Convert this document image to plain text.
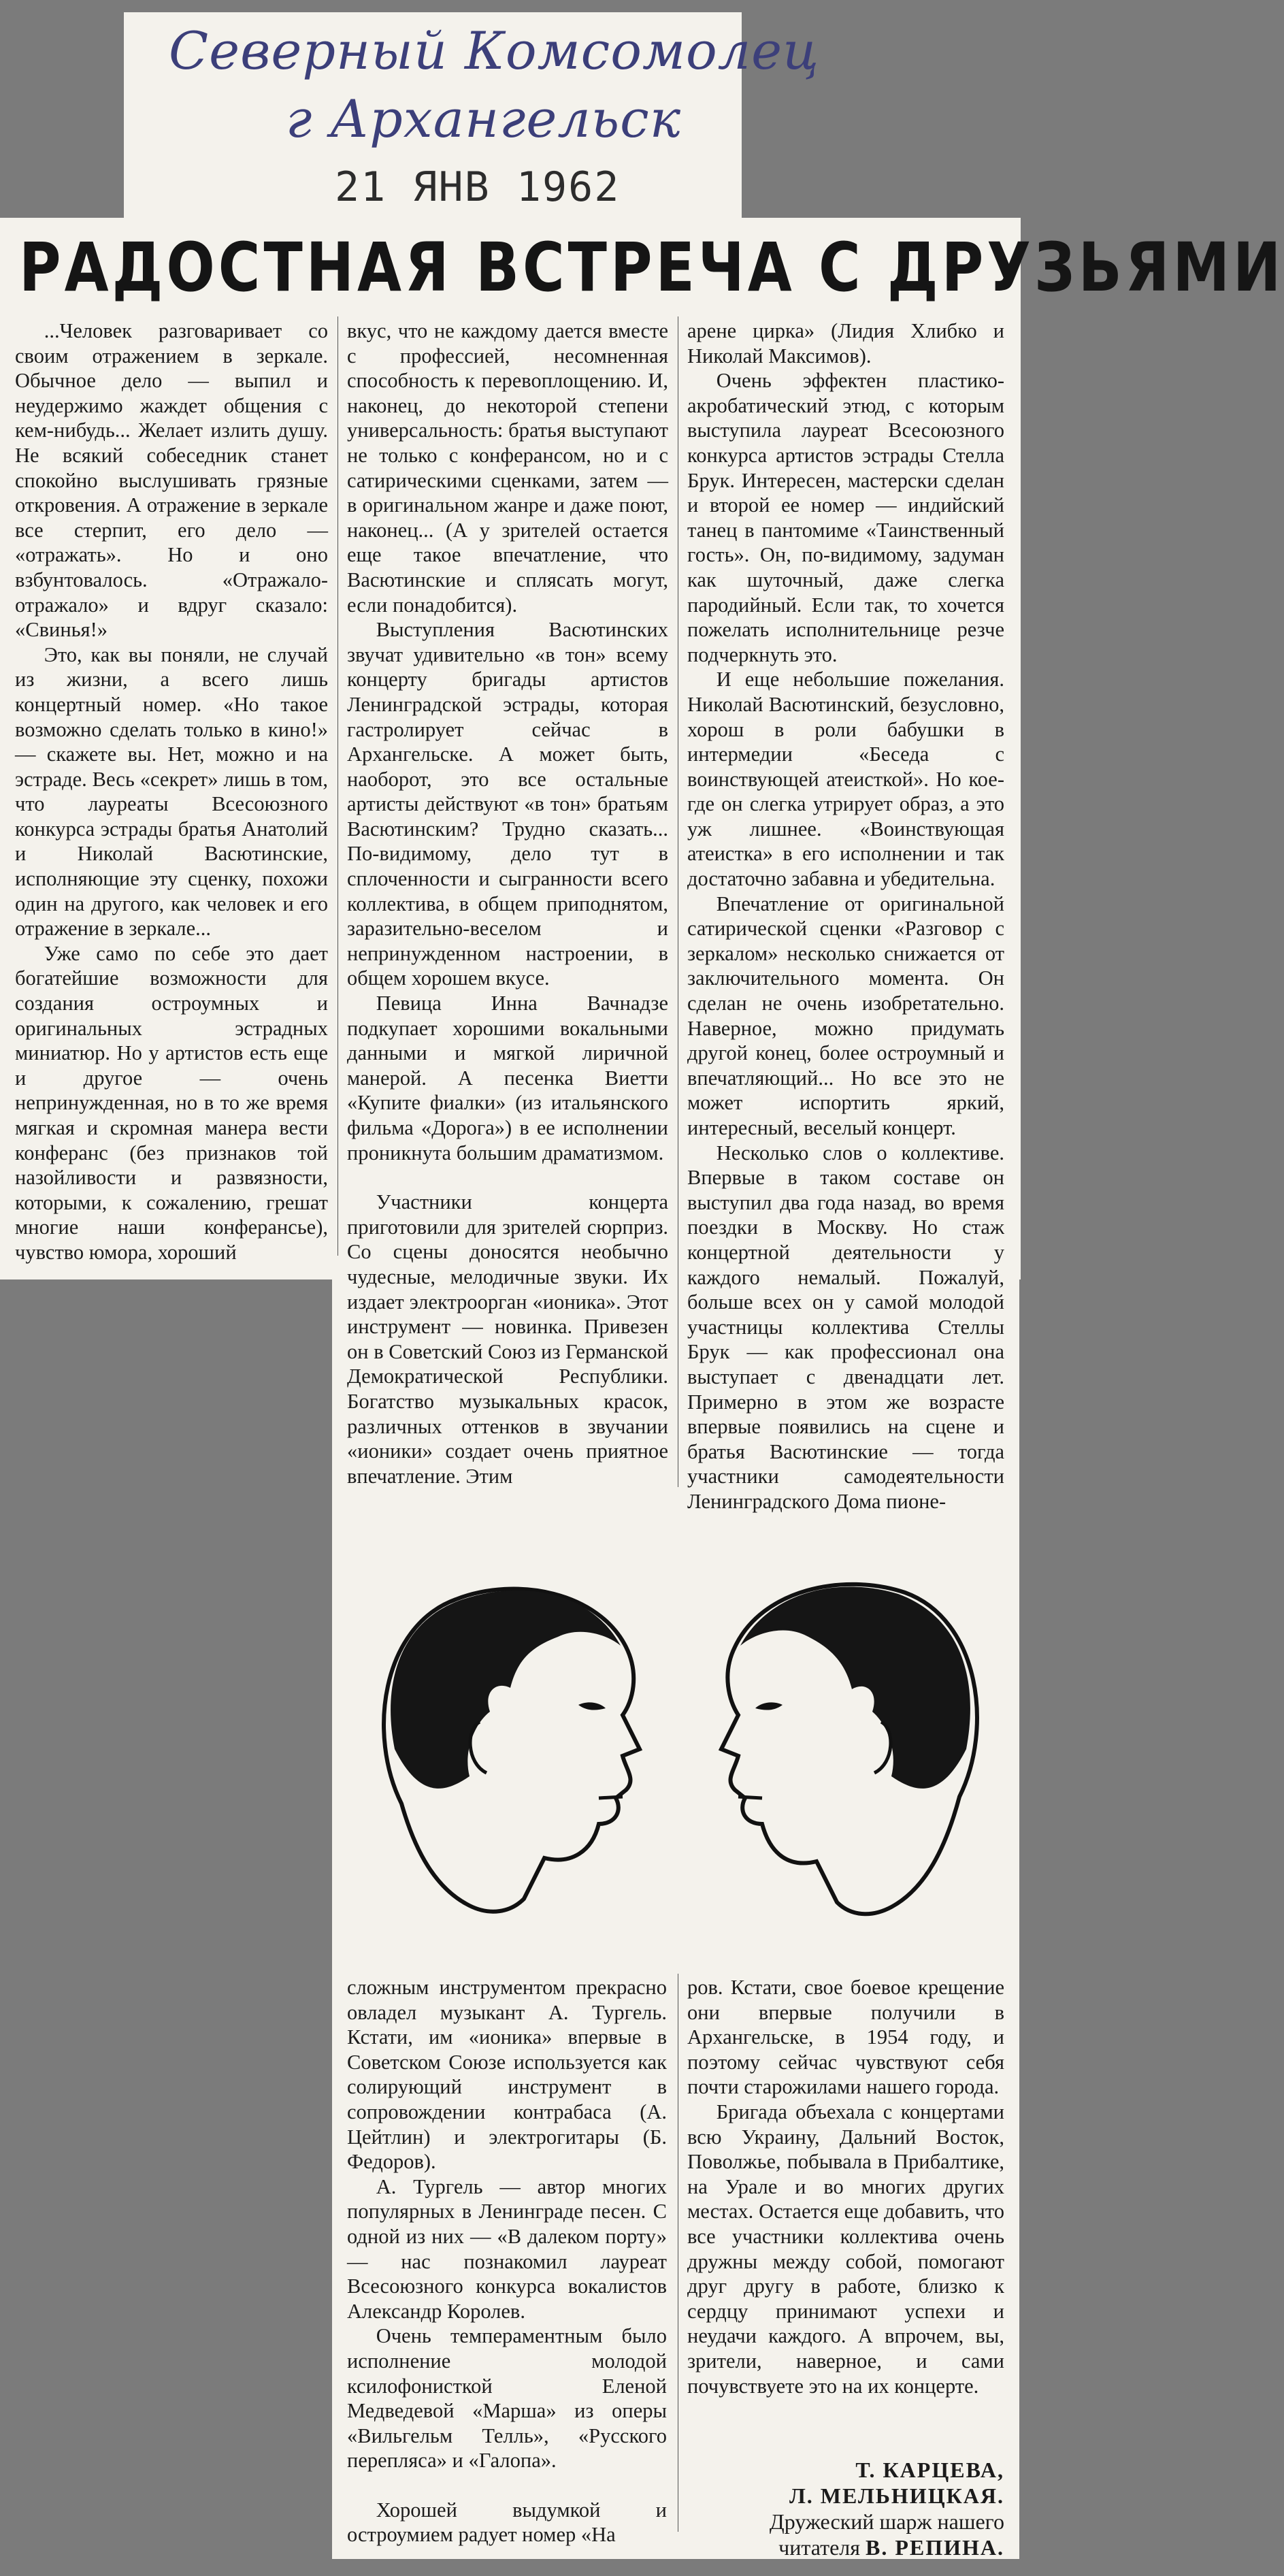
Северный Комсомолец
г Архангельск
21 ЯНВ 1962
РАДОСТНАЯ ВСТРЕЧА С ДРУЗЬЯМИ

...Человек разговаривает со своим отражением в зеркале. Обычное дело — выпил и неудержимо жаждет общения с кем-нибудь... Желает излить душу. Не всякий собеседник станет спокойно выслушивать грязные откровения. А отражение в зеркале все стерпит, его дело — «отражать». Но и оно взбунтовалось. «Отражало-отражало» и вдруг сказало: «Свинья!»

Это, как вы поняли, не случай из жизни, а всего лишь концертный номер. «Но такое возможно сделать только в кино!» — скажете вы. Нет, можно и на эстраде. Весь «секрет» лишь в том, что лауреаты Всесоюзного конкурса эстрады братья Анатолий и Николай Васютинские, исполняющие эту сценку, похожи один на другого, как человек и его отражение в зеркале...

Уже само по себе это дает богатейшие возможности для создания остроумных и оригинальных эстрадных миниатюр. Но у артистов есть еще и другое — очень непринужденная, но в то же время мягкая и скромная манера вести конферанс (без признаков той назойливости и развязности, которыми, к сожалению, грешат многие наши конферансье), чувство юмора, хороший

вкус, что не каждому дается вместе с профессией, несомненная способность к перевоплощению. И, наконец, до некоторой степени универсальность: братья выступают не только с конферансом, но и с сатирическими сценками, затем — в оригинальном жанре и даже поют, наконец... (А у зрителей остается еще такое впечатление, что Васютинские и сплясать могут, если понадобится).

Выступления Васютинских звучат удивительно «в тон» всему концерту бригады артистов Ленинградской эстрады, которая гастролирует сейчас в Архангельске. А может быть, наоборот, это все остальные артисты действуют «в тон» братьям Васютинским? Трудно сказать... По-видимому, дело тут в сплоченности и сыгранности всего коллектива, в общем приподнятом, заразительно-веселом и непринужденном настроении, в общем хорошем вкусе.

Певица Инна Вачнадзе подкупает хорошими вокальными данными и мягкой лиричной манерой. А песенка Виетти «Купите фиалки» (из итальянского фильма «Дорога») в ее исполнении проникнута большим драматизмом.

Участники концерта приготовили для зрителей сюрприз. Со сцены доносятся необычно чудесные, мелодичные звуки. Их издает электроорган «ионика». Этот инструмент — новинка. Привезен он в Советский Союз из Германской Демократической Республики. Богатство музыкальных красок, различных оттенков в звучании «ионики» создает очень приятное впечатление. Этим

арене цирка» (Лидия Хлибко и Николай Максимов).

Очень эффектен пластико-акробатический этюд, с которым выступила лауреат Всесоюзного конкурса артистов эстрады Стелла Брук. Интересен, мастерски сделан и второй ее номер — индийский танец в пантомиме «Таинственный гость». Он, по-видимому, задуман как шуточный, даже слегка пародийный. Если так, то хочется пожелать исполнительнице резче подчеркнуть это.

И еще небольшие пожелания. Николай Васютинский, безусловно, хорош в роли бабушки в интермедии «Беседа с воинствующей атеисткой». Но кое-где он слегка утрирует образ, а это уж лишнее. «Воинствующая атеистка» в его исполнении и так достаточно забавна и убедительна.

Впечатление от оригинальной сатирической сценки «Разговор с зеркалом» несколько снижается от заключительного момента. Он сделан не очень изобретательно. Наверное, можно придумать другой конец, более остроумный и впечатляющий... Но все это не может испортить яркий, интересный, веселый концерт.

Несколько слов о коллективе. Впервые в таком составе он выступил два года назад, во время поездки в Москву. Но стаж концертной деятельности у каждого немалый. Пожалуй, больше всех он у самой молодой участницы коллектива Стеллы Брук — как профессионал она выступает с двенадцати лет. Примерно в этом же возрасте впервые появились на сцене и братья Васютинские — тогда участники самодеятельности Ленинградского Дома пионе-

сложным инструментом прекрасно овладел музыкант А. Тургель. Кстати, им «ионика» впервые в Советском Союзе используется как солирующий инструмент в сопровождении контрабаса (А. Цейтлин) и электрогитары (Б. Федоров).

А. Тургель — автор многих популярных в Ленинграде песен. С одной из них — «В далеком порту» — нас познакомил лауреат Всесоюзного конкурса вокалистов Александр Королев.

Очень темпераментным было исполнение молодой ксилофонисткой Еленой Медведевой «Марша» из оперы «Вильгельм Телль», «Русского перепляса» и «Галопа».

Хорошей выдумкой и остроумием радует номер «На

ров. Кстати, свое боевое крещение они впервые получили в Архангельске, в 1954 году, и поэтому сейчас чувствуют себя почти старожилами нашего города.

Бригада объехала с концертами всю Украину, Дальний Восток, Поволжье, побывала в Прибалтике, на Урале и во многих других местах. Остается еще добавить, что все участники коллектива очень дружны между собой, помогают друг другу в работе, близко к сердцу принимают успехи и неудачи каждого. А впрочем, вы, зрители, наверное, и сами почувствуете это на их концерте.

Т. КАРЦЕВА,
Л. МЕЛЬНИЦКАЯ.
Дружеский шарж нашего
читателя В. РЕПИНА.
